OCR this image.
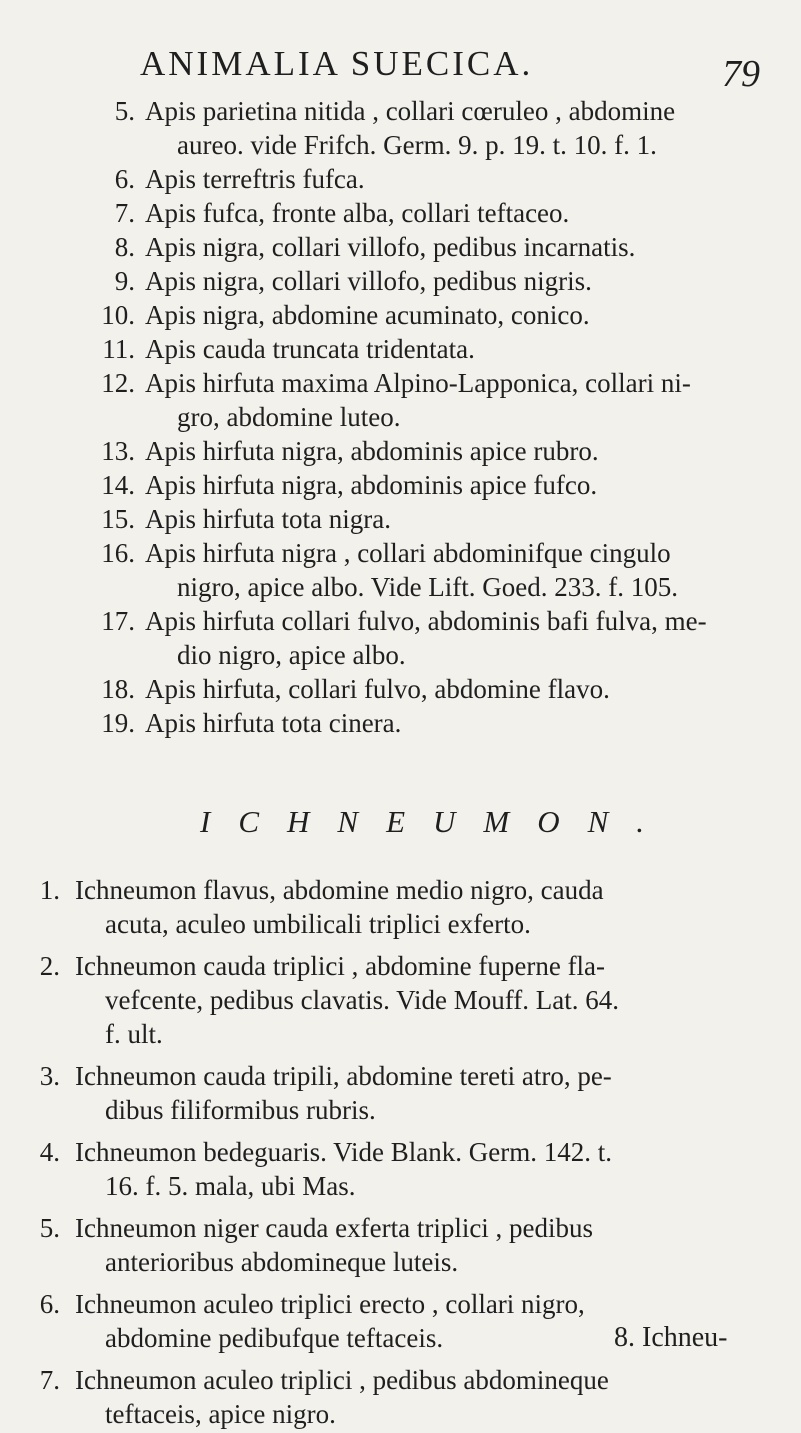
ANIMALIA SUECICA.	79
5. Apis parietina nitida , collari cœruleo , abdomine
aureo. vide Frifch. Germ. 9. p. 19. t. 10. f. 1.
6. Apis terreftris fufca.
7. Apis fufca, fronte alba, collari teftaceo.
8. Apis nigra, collari villofo, pedibus incarnatis.
9. Apis nigra, collari villofo, pedibus nigris.
10. Apis nigra, abdomine acuminato, conico.
11. Apis cauda truncata tridentata.
12. Apis hirfuta maxima Alpino-Lapponica, collari ni-
gro, abdomine luteo.
13. Apis hirfuta nigra, abdominis apice rubro.
14. Apis hirfuta nigra, abdominis apice fufco.
15. Apis hirfuta tota nigra.
16. Apis hirfuta nigra , collari abdominifque cingulo
nigro, apice albo. Vide Lift. Goed. 233. f. 105.
17. Apis hirfuta collari fulvo, abdominis bafi fulva, me-
dio nigro, apice albo.
18. Apis hirfuta, collari fulvo, abdomine flavo.
19. Apis hirfuta tota cinera.
ICHNEUMON.
1. Ichneumon flavus, abdomine medio nigro, cauda
acuta, aculeo umbilicali triplici exferto.
2. Ichneumon cauda triplici , abdomine fuperne fla-
vefcente, pedibus clavatis. Vide Mouff. Lat. 64.
f. ult.
3. Ichneumon cauda tripili, abdomine tereti atro, pe-
dibus filiformibus rubris.
4. Ichneumon bedeguaris. Vide Blank. Germ. 142. t.
16. f. 5. mala, ubi Mas.
5. Ichneumon niger cauda exferta triplici , pedibus
anterioribus abdomineque luteis.
6. Ichneumon aculeo triplici erecto , collari nigro,
abdomine pedibufque teftaceis.
7. Ichneumon aculeo triplici , pedibus abdomineque
teftaceis, apice nigro.
8. Ichneu-
